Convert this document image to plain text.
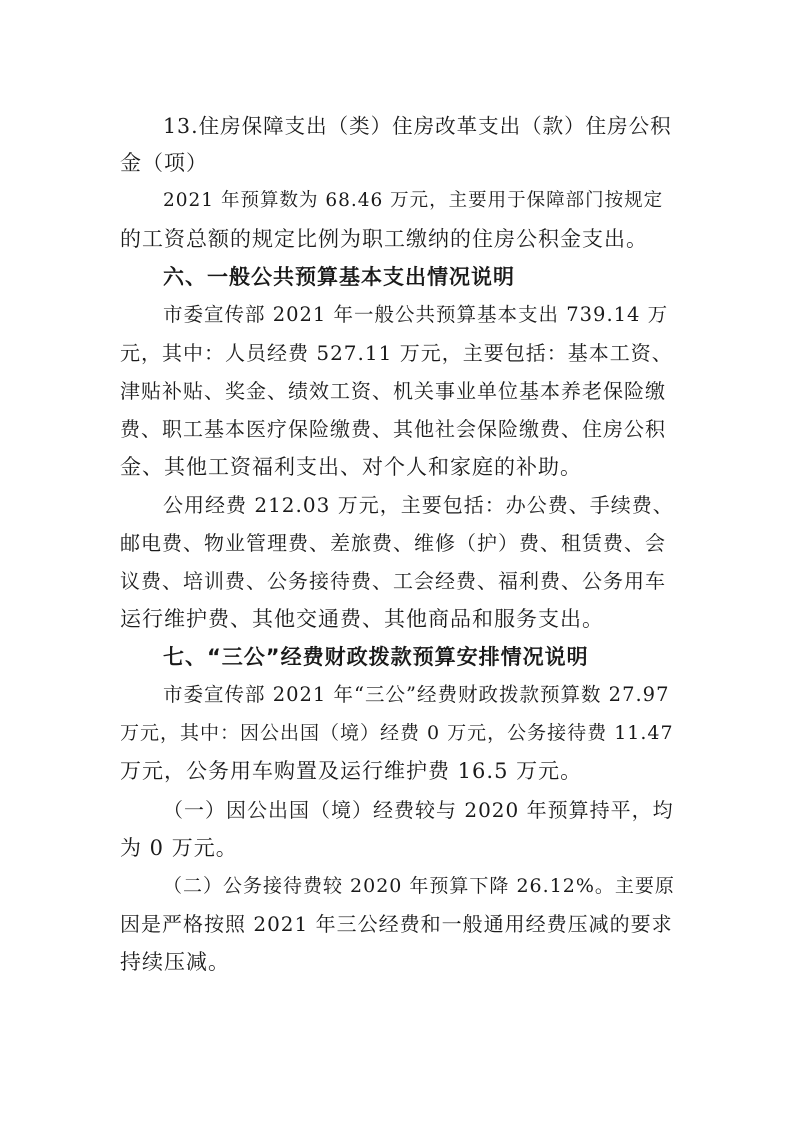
13.住房保障支出（类）住房改革支出（款）住房公积
金（项）
2021 年预算数为 68.46 万元，主要用于保障部门按规定
的工资总额的规定比例为职工缴纳的住房公积金支出。
六、一般公共预算基本支出情况说明
市委宣传部 2021 年一般公共预算基本支出 739.14 万
元，其中：人员经费 527.11 万元，主要包括：基本工资、
津贴补贴、奖金、绩效工资、机关事业单位基本养老保险缴
费、职工基本医疗保险缴费、其他社会保险缴费、住房公积
金、其他工资福利支出、对个人和家庭的补助。
公用经费 212.03 万元，主要包括：办公费、手续费、
邮电费、物业管理费、差旅费、维修（护）费、租赁费、会
议费、培训费、公务接待费、工会经费、福利费、公务用车
运行维护费、其他交通费、其他商品和服务支出。
七、“三公”经费财政拨款预算安排情况说明
市委宣传部 2021 年“三公”经费财政拨款预算数 27.97
万元，其中：因公出国（境）经费 0 万元，公务接待费 11.47
万元，公务用车购置及运行维护费 16.5 万元。
（一）因公出国（境）经费较与 2020 年预算持平，均
为 0 万元。
（二）公务接待费较 2020 年预算下降 26.12%。主要原
因是严格按照 2021 年三公经费和一般通用经费压减的要求
持续压减。
